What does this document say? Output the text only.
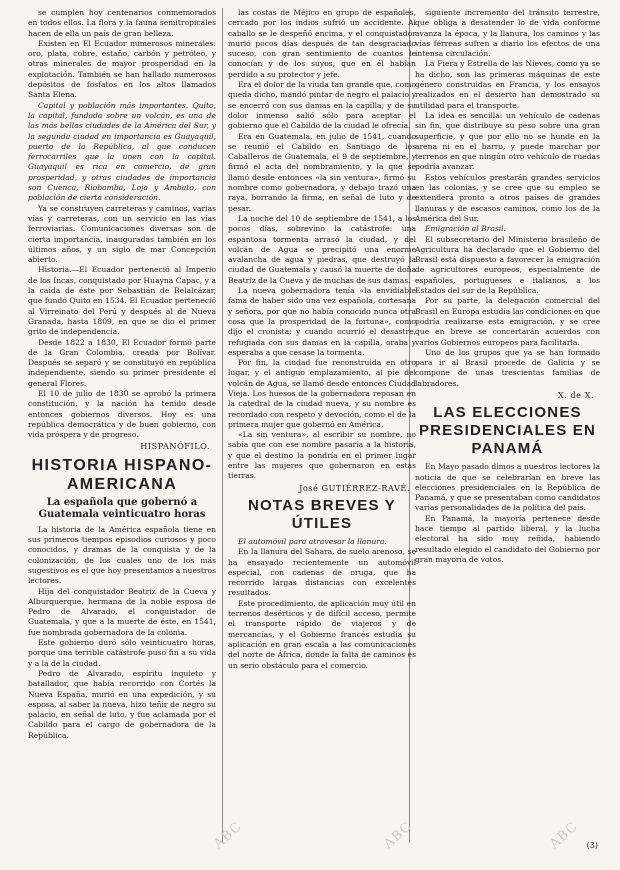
se cumplen hoy centenarios conmemorados en todos ellos. La flora y la fauna semitropicales hacen de ella un país de gran belleza.

Existen en El Ecuador numerosos minerales: oro, plata, cobre, estaño, carbón y petróleo, y otras minerales de mayor prosperidad en la explotación. También se han hallado numerosos depósitos de fosfatos en los altos llamados Santa Elena.

Capital y población más importantes. Quito, la capital, fundada sobre un volcán, es una de las más bellas ciudades de la América del Sur, y la segunda ciudad en importancia es Guayaquil, puerto de la República, al que conducen ferrocarriles que la unen con la capital. Guayaquil es rica en comercio, de gran prosperidad, y otras ciudades de importancia son Cuenca, Riobamba, Loja y Ambato, con población de cierta consideración.

Ya se construyen carreteras y caminos, varias vías y carreteras, con un servicio en las vías ferroviarias. Comunicaciones diversas son de cierta importancia, inauguradas también en los últimos años, y un siglo de mar Concepción abierto.

Historia.—El Ecuador perteneció al Imperio de los Incas, conquistado por Huayna Capac, y a la caída de éste por Sebastián de Belalcázar, que fundó Quito en 1534. El Ecuador perteneció al Virreinato del Perú y después al de Nueva Granada, hasta 1809, en que se dio el primer grito de independencia.

Desde 1822 a 1830, El Ecuador formó parte de la Gran Colombia, creada por Bolívar. Después se separó y se constituyó en república independiente, siendo su primer presidente el general Flores.

El 10 de julio de 1830 se aprobó la primera constitución, y la nación ha tenido desde entonces gobiernos diversos. Hoy es una república democrática y de buen gobierno, con vida próspera y de progreso.

HISPANÓFILO.

HISTORIA HISPANO-AMERICANA
La española que gobernó a Guatemala veinticuatro horas

La historia de la América española tiene en sus primeros tiempos episodios curiosos y poco conocidos, y dramas de la conquista y de la colonización, de los cuales uno de los más sugestivos es el que hoy presentamos a nuestros lectores.

Hija del conquistador Beatriz de la Cueva y Alburquerque, hermana de la noble esposa de Pedro de Alvarado, el conquistador de Guatemala, y que a la muerte de éste, en 1541, fue nombrada gobernadora de la colonia.

Este gobierno duró sólo veinticuatro horas, porque una terrible catástrofe puso fin a su vida y a la de la ciudad.

Pedro de Alvarado, espíritu inquieto y batallador, que había recorrido con Cortés la Nueva España, murió en una expedición, y su esposa, al saber la nueva, hizo teñir de negro su palacio, en señal de luto, y fue aclamada por el Cabildo para el cargo de gobernadora de la República.

las costas de Méjico en grupo de españoles, cercado por los indios sufrió un accidente. Al caballo se le despeñó encima, y el conquistador murió pocos días después de tan desgraciado suceso, con gran sentimiento de cuantos le conocían y de los suyos, que en él habían perdido a su protector y jefe.

Era el dolor de la viuda tan grande que, como queda dicho, mandó pintar de negro el palacio y se encerró con sus damas en la capilla; y de su dolor inmenso salió sólo para aceptar el gobierno que el Cabildo de la ciudad le ofrecía.

Era en Guatemala, en julio de 1541, cuando se reunió el Cabildo en Santiago de los Caballeros de Guatemala, el 9 de septiembre, y firmó el acta del nombramiento, y la que se llamó desde entonces «la sin ventura», firmó su nombre como gobernadora, y debajo trazó una raya, borrando la firma, en señal de luto y de pesar.

La noche del 10 de septiembre de 1541, a los pocos días, sobrevino la catástrofe: una espantosa tormenta arrasó la ciudad, y del volcán de Agua se precipitó una enorme avalancha de agua y piedras, que destruyó la ciudad de Guatemala y causó la muerte de doña Beatriz de la Cueva y de muchas de sus damas.

La nueva gobernadora tenía «la envidiable fama de haber sido una vez española, cortesana y señora, por que no había conocido nunca otra cosa que la prosperidad de la fortuna», como dijo el cronista; y cuando ocurrió el desastre, refugiada con sus damas en la capilla, oraba y esperaba a que cesase la tormenta.

Por fin, la ciudad fue reconstruida en otro lugar, y el antiguo emplazamiento, al pie del volcán de Agua, se llamó desde entonces Ciudad Vieja. Los huesos de la gobernadora reposan en la catedral de la ciudad nueva, y su nombre es recordado con respeto y devoción, como el de la primera mujer que gobernó en América.

«La sin ventura», al escribir su nombre, no sabía que con ese nombre pasaría a la historia, y que el destino la pondría en el primer lugar entre las mujeres que gobernaron en estas tierras.

José GUTIÉRREZ-RAVÉ.

NOTAS BREVES Y ÚTILES

El automóvil para atravesar la llanura.

En la llanura del Sahara, de suelo arenoso, se ha ensayado recientemente un automóvil especial, con cadenas de oruga, que ha recorrido largas distancias con excelentes resultados.

Este procedimiento, de aplicación muy útil en terrenos desérticos y de difícil acceso, permite el transporte rápido de viajeros y de mercancías, y el Gobierno francés estudia su aplicación en gran escala a las comunicaciones del norte de África, donde la falta de caminos es un serio obstáculo para el comercio.

siguiente incremento del tránsito terrestre, que obliga a desatender lo de vida conforme avanza la época, y la llanura, los caminos y las vías férreas sufren a diario los efectos de una intensa circulación.

La Fiera y Estrella de las Nieves, como ya se ha dicho, son las primeras máquinas de este género construidas en Francia, y los ensayos realizados en el desierto han demostrado su utilidad para el transporte.

La idea es sencilla: un vehículo de cadenas sin fin, que distribuye su peso sobre una gran superficie, y que por ello no se hunde en la arena ni en el barro, y puede marchar por terrenos en que ningún otro vehículo de ruedas podría avanzar.

Estos vehículos prestarán grandes servicios en las colonias, y se cree que su empleo se extenderá pronto a otros países de grandes llanuras y de escasos caminos, como los de la América del Sur.

Emigración al Brasil.

El subsecretario del Ministerio brasileño de Agricultura ha declarado que el Gobierno del Brasil está dispuesto a favorecer la emigración de agricultores europeos, especialmente de españoles, portugueses e italianos, a los Estados del sur de la República.

Por su parte, la delegación comercial del Brasil en Europa estudia las condiciones en que podría realizarse esta emigración, y se cree que en breve se concertarán acuerdos con varios Gobiernos europeos para facilitarla.

Uno de los grupos que ya se han formado para ir al Brasil procede de Galicia y se compone de unas trescientas familias de labradores.

X. de X.

LAS ELECCIONES PRESIDENCIALES EN PANAMÁ

En Mayo pasado dimos a nuestros lectores la noticia de que se celebrarían en breve las elecciones presidenciales en la República de Panamá, y que se presentaban como candidatos varias personalidades de la política del país.

En Panamá, la mayoría pertenece desde hace tiempo al partido liberal, y la lucha electoral ha sido muy reñida, habiendo resultado elegido el candidato del Gobierno por gran mayoría de votos.

ABC	ABC	ABC (3)
